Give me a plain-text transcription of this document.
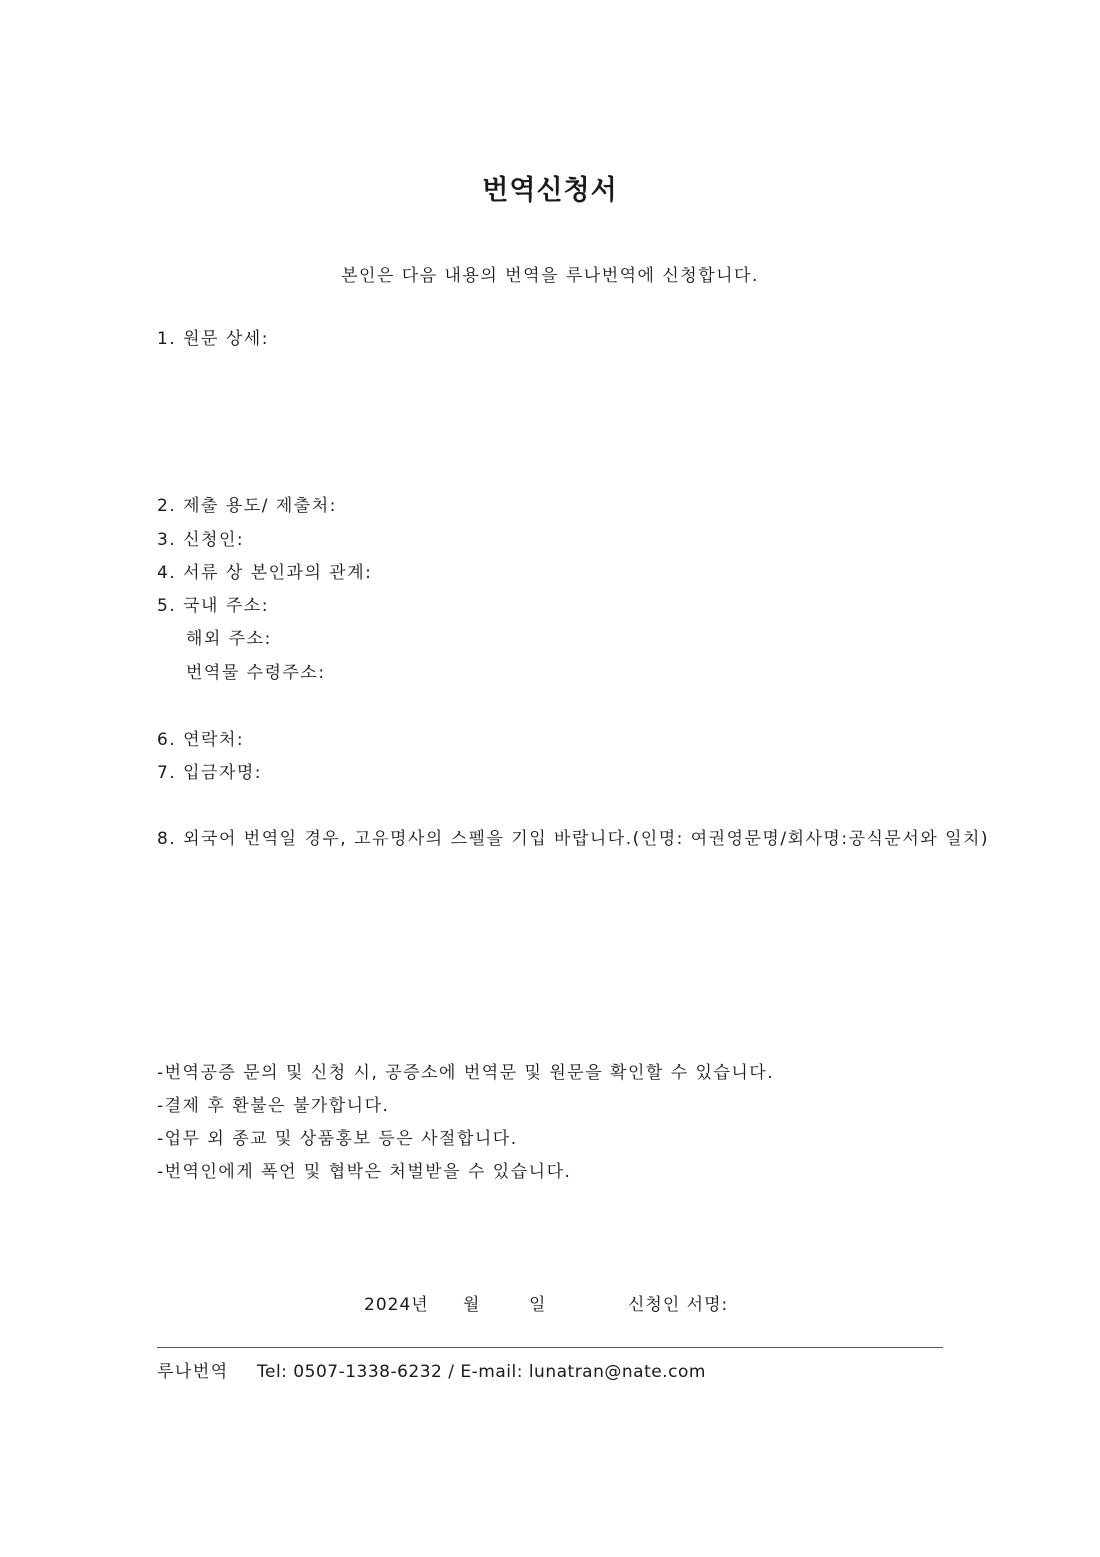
번역신청서
본인은 다음 내용의 번역을 루나번역에 신청합니다.
1. 원문 상세:
2. 제출 용도/ 제출처:
3. 신청인:
4. 서류 상 본인과의 관계:
5. 국내 주소:
해외 주소:
번역물 수령주소:
6. 연락처:
7. 입금자명:
8. 외국어 번역일 경우, 고유명사의 스펠을 기입 바랍니다.(인명: 여권영문명/회사명:공식문서와 일치)
-번역공증 문의 및 신청 시, 공증소에 번역문 및 원문을 확인할 수 있습니다.
-결제 후 환불은 불가합니다.
-업무 외 종교 및 상품홍보 등은 사절합니다.
-번역인에게 폭언 및 협박은 처벌받을 수 있습니다.
2024년 월	일	신청인 서명:
루나번역 Tel: 0507-1338-6232 / E-mail: lunatran@nate.com
